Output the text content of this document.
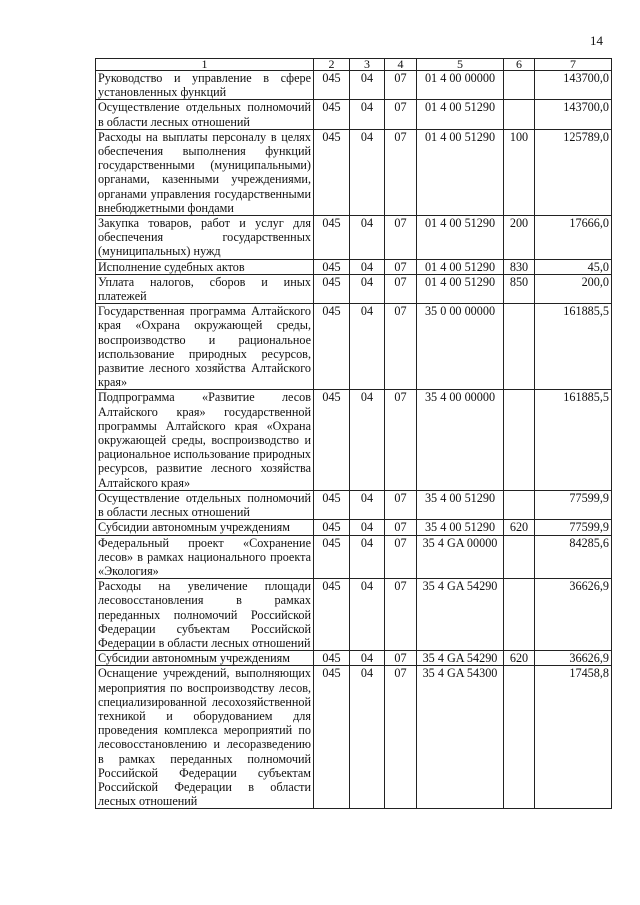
14
1	2	3	4	5	6	7
Руководство и управление в сфере установленных функций	045	04	07	01 4 00 00000		143700,0
Осуществление отдельных полномочий в области лесных отношений	045	04	07	01 4 00 51290		143700,0
Расходы на выплаты персоналу в целях обеспечения выполнения функций государственными (муниципальными) органами, казенными учреждениями, органами управления государственными внебюджетными фондами	045	04	07	01 4 00 51290	100	125789,0
Закупка товаров, работ и услуг для обеспечения государственных (муниципальных) нужд	045	04	07	01 4 00 51290	200	17666,0
Исполнение судебных актов	045	04	07	01 4 00 51290	830	45,0
Уплата налогов, сборов и иных платежей	045	04	07	01 4 00 51290	850	200,0
Государственная программа Алтайского края «Охрана окружающей среды, воспроизводство и рациональное использование природных ресурсов, развитие лесного хозяйства Алтайского края»	045	04	07	35 0 00 00000		161885,5
Подпрограмма «Развитие лесов Алтайского края» государственной программы Алтайского края «Охрана окружающей среды, воспроизводство и рациональное использование природных ресурсов, развитие лесного хозяйства Алтайского края»	045	04	07	35 4 00 00000		161885,5
Осуществление отдельных полномочий в области лесных отношений	045	04	07	35 4 00 51290		77599,9
Субсидии автономным учреждениям	045	04	07	35 4 00 51290	620	77599,9
Федеральный проект «Сохранение лесов» в рамках национального проекта «Экология»	045	04	07	35 4 GA 00000		84285,6
Расходы на увеличение площади лесовосстановления в рамках переданных полномочий Российской Федерации субъектам Российской Федерации в области лесных отношений	045	04	07	35 4 GA 54290		36626,9
Субсидии автономным учреждениям	045	04	07	35 4 GA 54290	620	36626,9
Оснащение учреждений, выполняющих мероприятия по воспроизводству лесов, специализированной лесохозяйственной техникой и оборудованием для проведения комплекса мероприятий по лесовосстановлению и лесоразведению в рамках переданных полномочий Российской Федерации субъектам Российской Федерации в области лесных отношений	045	04	07	35 4 GA 54300		17458,8
